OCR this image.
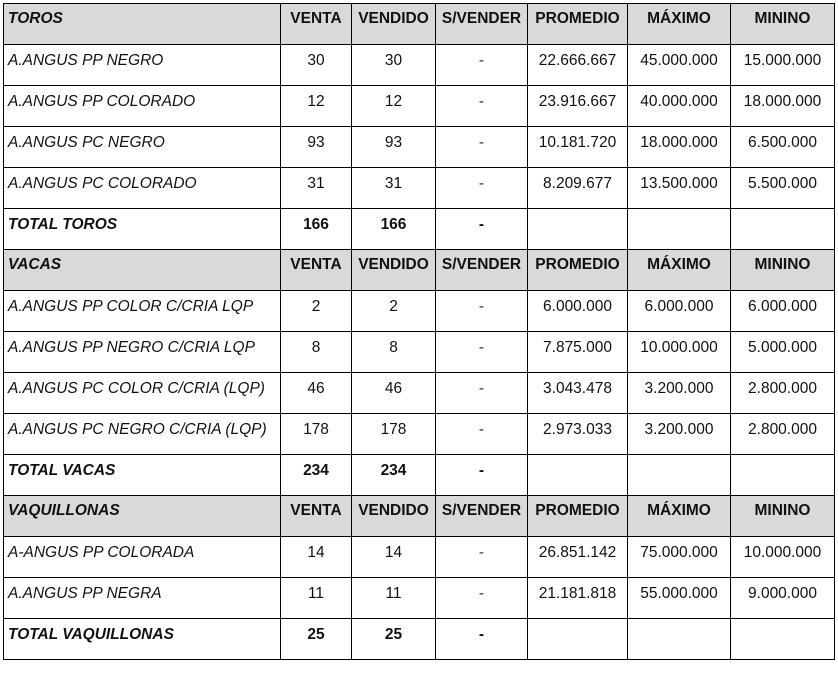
TOROS	VENTA	VENDIDO	S/VENDER	PROMEDIO	MÁXIMO	MININO
A.ANGUS PP NEGRO	30	30	-	22.666.667	45.000.000	15.000.000
A.ANGUS PP COLORADO	12	12	-	23.916.667	40.000.000	18.000.000
A.ANGUS PC NEGRO	93	93	-	10.181.720	18.000.000	6.500.000
A.ANGUS PC COLORADO	31	31	-	8.209.677	13.500.000	5.500.000
TOTAL TOROS	166	166	-			
VACAS	VENTA	VENDIDO	S/VENDER	PROMEDIO	MÁXIMO	MININO
A.ANGUS PP COLOR C/CRIA LQP	2	2	-	6.000.000	6.000.000	6.000.000
A.ANGUS PP NEGRO C/CRIA LQP	8	8	-	7.875.000	10.000.000	5.000.000
A.ANGUS PC COLOR C/CRIA (LQP)	46	46	-	3.043.478	3.200.000	2.800.000
A.ANGUS PC NEGRO C/CRIA (LQP)	178	178	-	2.973.033	3.200.000	2.800.000
TOTAL VACAS	234	234	-			
VAQUILLONAS	VENTA	VENDIDO	S/VENDER	PROMEDIO	MÁXIMO	MININO
A-ANGUS PP COLORADA	14	14	-	26.851.142	75.000.000	10.000.000
A.ANGUS PP NEGRA	11	11	-	21.181.818	55.000.000	9.000.000
TOTAL VAQUILLONAS	25	25	-			
